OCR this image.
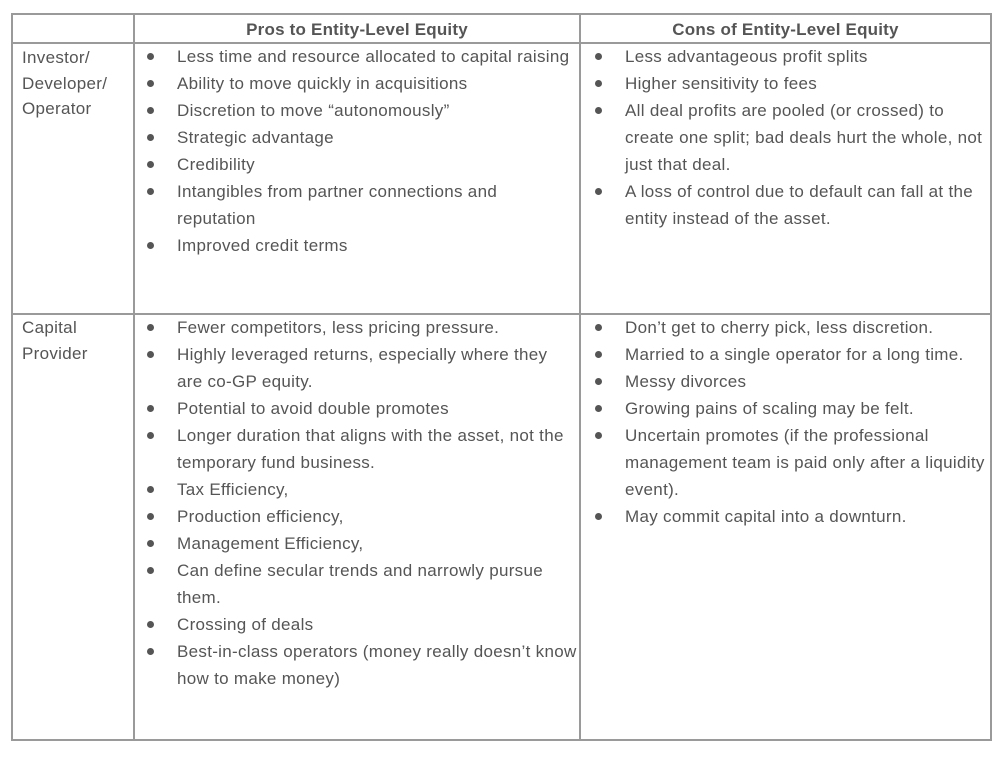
Pros to Entity-Level Equity	Cons of Entity-Level Equity
Investor/
Developer/
Operator
Less time and resource allocated to capital raising
Ability to move quickly in acquisitions
Discretion to move “autonomously”
Strategic advantage
Credibility
Intangibles from partner connections and reputation
Improved credit terms
Less advantageous profit splits
Higher sensitivity to fees
All deal profits are pooled (or crossed) to create one split; bad deals hurt the whole, not just that deal.
A loss of control due to default can fall at the entity instead of the asset.
Capital
Provider
Fewer competitors, less pricing pressure.
Highly leveraged returns, especially where they are co-GP equity.
Potential to avoid double promotes
Longer duration that aligns with the asset, not the temporary fund business.
Tax Efficiency,
Production efficiency,
Management Efficiency,
Can define secular trends and narrowly pursue them.
Crossing of deals
Best-in-class operators (money really doesn’t know how to make money)
Don’t get to cherry pick, less discretion.
Married to a single operator for a long time.
Messy divorces
Growing pains of scaling may be felt.
Uncertain promotes (if the professional management team is paid only after a liquidity event).
May commit capital into a downturn.
